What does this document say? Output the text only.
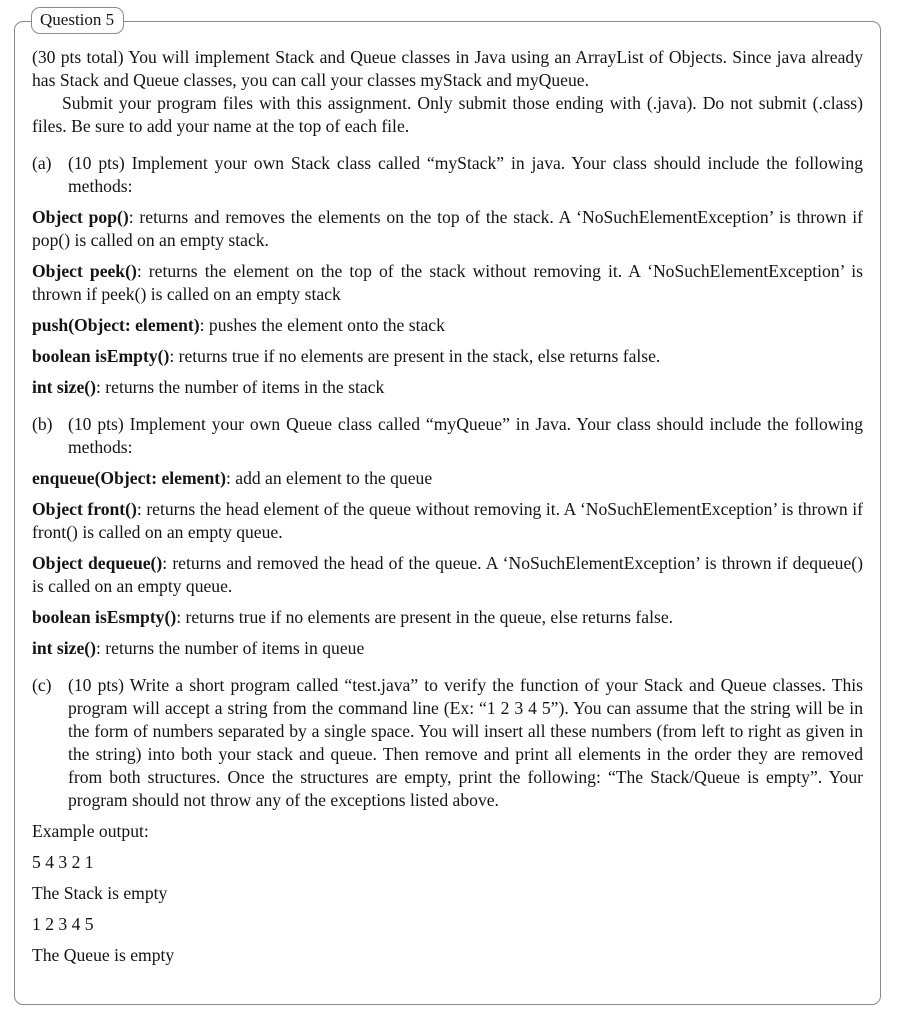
Question 5

(30 pts total) You will implement Stack and Queue classes in Java using an ArrayList of Objects. Since java already has Stack and Queue classes, you can call your classes myStack and myQueue.

Submit your program files with this assignment. Only submit those ending with (.java). Do not submit (.class) files. Be sure to add your name at the top of each file.

(a) (10 pts) Implement your own Stack class called “myStack” in java. Your class should include the following methods:

Object pop(): returns and removes the elements on the top of the stack. A ‘NoSuchElementException’ is thrown if pop() is called on an empty stack.

Object peek(): returns the element on the top of the stack without removing it. A ‘NoSuchElementException’ is thrown if peek() is called on an empty stack

push(Object: element): pushes the element onto the stack

boolean isEmpty(): returns true if no elements are present in the stack, else returns false.

int size(): returns the number of items in the stack

(b) (10 pts) Implement your own Queue class called “myQueue” in Java. Your class should include the following methods:

enqueue(Object: element): add an element to the queue

Object front(): returns the head element of the queue without removing it. A ‘NoSuchElementException’ is thrown if front() is called on an empty queue.

Object dequeue(): returns and removed the head of the queue. A ‘NoSuchElementException’ is thrown if dequeue() is called on an empty queue.

boolean isEsmpty(): returns true if no elements are present in the queue, else returns false.

int size(): returns the number of items in queue

(c) (10 pts) Write a short program called “test.java” to verify the function of your Stack and Queue classes. This program will accept a string from the command line (Ex: “1 2 3 4 5”). You can assume that the string will be in the form of numbers separated by a single space. You will insert all these numbers (from left to right as given in the string) into both your stack and queue. Then remove and print all elements in the order they are removed from both structures. Once the structures are empty, print the following: “The Stack/Queue is empty”. Your program should not throw any of the exceptions listed above.

Example output:

5 4 3 2 1

The Stack is empty

1 2 3 4 5

The Queue is empty
